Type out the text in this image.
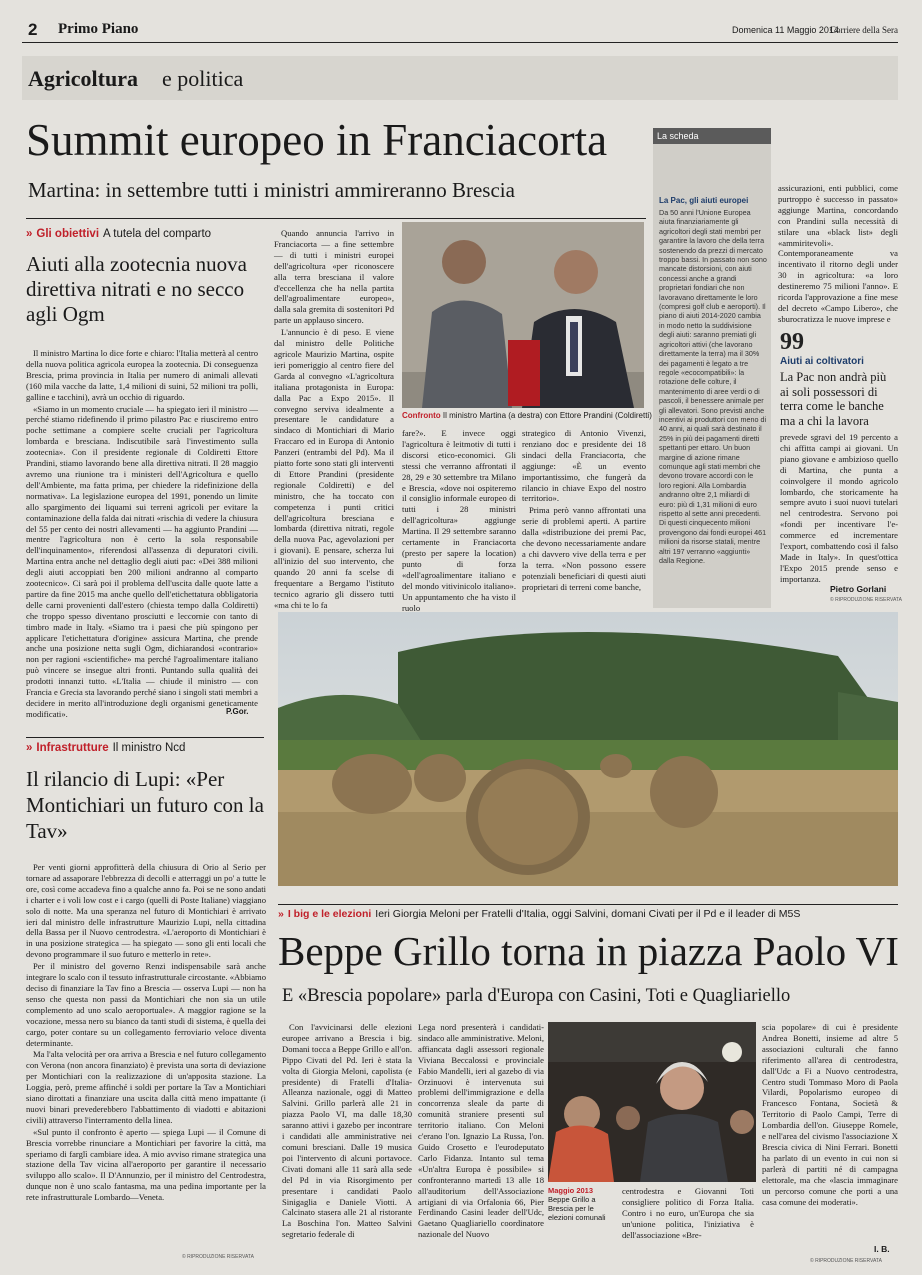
2 Primo Piano	Domenica 11 Maggio 2014
Corriere della Sera
Agricoltura e politica
Summit europeo in Franciacorta
Martina: in settembre tutti i ministri ammireranno Brescia
» Gli obiettivi A tutela del comparto
Aiuti alla zootecnia nuova direttiva nitrati e no secco agli Ogm

Il ministro Martina lo dice forte e chiaro: l'Italia metterà al centro della nuova politica agricola europea la zootecnia. Di conseguenza Brescia, prima provincia in Italia per numero di animali allevati (160 mila vacche da latte, 1,4 milioni di suini, 52 milioni tra polli, galline e tacchini), avrà un occhio di riguardo.

«Siamo in un momento cruciale — ha spiegato ieri il ministro — perché stiamo ridefinendo il primo pilastro Pac e riusciremo entro poche settimane a compiere scelte cruciali per l'agricoltura lombarda e bresciana. Indiscutibile sarà l'investimento sulla zootecnia». Con il presidente regionale di Coldiretti Ettore Prandini, stiamo lavorando bene alla direttiva nitrati. Il 28 maggio avremo una riunione tra i ministeri dell'Agricoltura e quello dell'Ambiente, ma fatta prima, per chiedere la ridefinizione della normativa». La legislazione europea del 1991, ponendo un limite allo spargimento dei liquami sui terreni agricoli per evitare la contaminazione della falda dai nitrati «rischia di vedere la chiusura del 55 per cento dei nostri allevamenti — ha aggiunto Prandini — mentre l'agricoltura non è certo la sola responsabile dell'inquinamento», riferendosi all'assenza di depuratori civili. Martina entra anche nel dettaglio degli aiuti pac: «Dei 388 milioni degli aiuti accoppiati ben 200 milioni andranno al comparto zootecnico». Ci sarà poi il problema dell'uscita dalle quote latte a partire da fine 2015 ma anche quello dell'etichettatura obbligatoria delle carni provenienti dall'estero (chiesta tempo dalla Coldiretti) che troppo spesso diventano prosciutti e leccornie con tanto di timbro made in Italy. «Siamo tra i paesi che più spingono per applicare l'etichettatura d'origine» assicura Martina, che prende anche una posizione netta sugli Ogm, dichiarandosi «contrario» non per ragioni «scientifiche» ma perché l'agroalimentare italiano può vincere se insegue altri fronti. Puntando sulla qualità dei prodotti innanzi tutto. «L'Italia — chiude il ministro — con Francia e Grecia sta lavorando perché siano i singoli stati membri a decidere in merito all'introduzione degli organismi geneticamente modificati».	P.Gor.

Quando annuncia l'arrivo in Franciacorta — a fine settembre — di tutti i ministri europei dell'agricoltura «per riconoscere alla terra bresciana il valore d'eccellenza che ha nella partita dell'agroalimentare europeo», dalla sala gremita di sostenitori Pd parte un applauso sincero.

L'annuncio è di peso. E viene dal ministro delle Politiche agricole Maurizio Martina, ospite ieri pomeriggio al centro fiere del Garda al convegno «L'agricoltura italiana protagonista in Europa: dalla Pac a Expo 2015». Il convegno serviva idealmente a presentare le candidature a sindaco di Montichiari di Mario Fraccaro ed in Europa di Antonio Panzeri (entrambi del Pd). Ma il piatto forte sono stati gli interventi di Ettore Prandini (presidente regionale Coldiretti) e del ministro, che ha toccato con competenza i punti critici dell'agricoltura bresciana e lombarda (direttiva nitrati, regole della nuova Pac, agevolazioni per i giovani). E pensare, scherza lui all'inizio del suo intervento, che quando 20 anni fa scelse di frequentare a Bergamo l'istituto tecnico agrario gli dissero tutti «ma chi te lo fa

Confronto Il ministro Martina (a destra) con Ettore Prandini (Coldiretti)

fare?». E invece oggi l'agricoltura è leitmotiv di tutti i discorsi etico-economici. Gli stessi che verranno affrontati il 28, 29 e 30 settembre tra Milano e Brescia, «dove noi ospiteremo il consiglio informale europeo di tutti i 28 ministri dell'agricoltura» aggiunge Martina. Il 29 settembre saranno certamente in Franciacorta (presto per sapere la location) punto di forza «dell'agroalimentare italiano e del mondo vitivinicolo italiano». Un appuntamento che ha visto il ruolo

strategico di Antonio Vivenzi, renziano doc e presidente dei 18 sindaci della Franciacorta, che aggiunge: «È un evento importantissimo, che fungerà da rilancio in chiave Expo del nostro territorio».

Prima però vanno affrontati una serie di problemi aperti. A partire dalla «distribuzione dei premi Pac, che devono necessariamente andare a chi davvero vive della terra e per la terra. «Non possono essere potenziali beneficiari di questi aiuti proprietari di terreni come banche,

La scheda
La Pac, gli aiuti europei
Da 50 anni l'Unione Europea aiuta finanziariamente gli agricoltori degli stati membri per garantire la lavoro che della terra sostenendo da prezzi di mercato troppo bassi. In passato non sono mancate distorsioni, con aiuti concessi anche a grandi proprietari fondiari che non lavoravano direttamente le loro (compresi golf club e aeroporti). Il piano di aiuti 2014-2020 cambia in modo netto la suddivisione degli aiuti: saranno premiati gli agricoltori attivi (che lavorano direttamente la terra) ma il 30% dei pagamenti è legato a tre regole «ecocompatibili»: la rotazione delle colture, il mantenimento di aree verdi o di pascoli, il benessere animale per gli allevatori. Sono previsti anche incentivi ai produttori con meno di 40 anni, ai quali sarà destinato il 25% in più dei pagamenti diretti spettanti per ettaro. Un buon margine di azione rimane comunque agli stati membri che devono trovare accordi con le loro regioni. Alla Lombardia andranno oltre 2,1 miliardi di euro: più di 1,31 milioni di euro rispetto al sette anni precedenti. Di questi cinquecento milioni provengono dai fondi europei 461 milioni da risorse statali, mentre altri 197 verranno «aggiunti» dalla Regione.

assicurazioni, enti pubblici, come purtroppo è successo in passato» aggiunge Martina, concordando con Prandini sulla necessità di stilare una «black list» degli «ammiritevoli». Contemporaneamente va incentivato il ritorno degli under 30 in agricoltura: «a loro destineremo 75 milioni l'anno». E ricorda l'approvazione a fine mese del decreto «Campo Libero», che sburocratizza le nuove imprese e

99
Aiuti ai coltivatori
La Pac non andrà più ai soli possessori di terra come le banche ma a chi la lavora

prevede sgravi del 19 percento a chi affitta campi ai giovani. Un piano giovane e ambizioso quello di Martina, che punta a coinvolgere il mondo agricolo lombardo, che storicamente ha sempre avuto i suoi nuovi tutelari nel centrodestra. Servono poi «fondi per incentivare l'e-commerce ed incrementare l'export, combattendo così il falso Made in Italy». In quest'ottica l'Expo 2015 prende senso e importanza.

Pietro Gorlani
© RIPRODUZIONE RISERVATA
» Infrastrutture Il ministro Ncd
Il rilancio di Lupi: «Per Montichiari un futuro con la Tav»

Per venti giorni approfitterà della chiusura di Orio al Serio per tornare ad assaporare l'ebbrezza di decolli e atterraggi un po' a tutte le ore, così come accadeva fino a qualche anno fa. Poi se ne sono andati i charter e i voli low cost e i cargo (quelli di Poste Italiane) viaggiano solo di notte. Ma una speranza nel futuro di Montichiari è arrivato ieri dal ministro delle infrastrutture Maurizio Lupi, nella cittadina della Bassa per il Nuovo centrodestra. «L'aeroporto di Montichiari è in una posizione strategica — ha spiegato — sono gli enti locali che devono programmare il suo futuro e metterlo in rete».

Per il ministro del governo Renzi indispensabile sarà anche integrare lo scalo con il tessuto infrastrutturale circostante. «Abbiamo deciso di finanziare la Tav fino a Brescia — osserva Lupi — non ha senso che questa non passi da Montichiari che non sia un utile complemento ad uno scalo aeroportuale». A maggior ragione se la vocazione, messa nero su bianco da tanti studi di sistema, è quella dei cargo, poter contare su un collegamento ferroviario veloce diventa determinante.

Ma l'alta velocità per ora arriva a Brescia e nel futuro collegamento con Verona (non ancora finanziato) è prevista una sorta di deviazione per Montichiari con la realizzazione di un'apposita stazione. La Loggia, però, preme affinché i soldi per portare la Tav a Montichiari siano dirottati a finanziare una uscita dalla città meno impattante (i nuovi binari prevederebbero l'abbattimento di viadotti e abitazioni civili) attraverso l'interramento della linea.

«Sul punto il confronto è aperto — spiega Lupi — il Comune di Brescia vorrebbe rinunciare a Montichiari per favorire la città, ma speriamo di farglì cambiare idea. A mio avviso rimane strategica una stazione della Tav vicina all'aeroporto per garantire il necessario sviluppo allo scalo». Il D'Annunzio, per il ministro del Centrodestra, dunque non è uno scalo fantasma, ma una pedina importante per la rete infrastrutturale Lombardo—Veneta.

© RIPRODUZIONE RISERVATA
» I big e le elezioni Ieri Giorgia Meloni per Fratelli d'Italia, oggi Salvini, domani Civati per il Pd e il leader di M5S
Beppe Grillo torna in piazza Paolo VI
E «Brescia popolare» parla d'Europa con Casini, Toti e Quagliariello

Con l'avvicinarsi delle elezioni europee arrivano a Brescia i big. Domani tocca a Beppe Grillo e all'on. Pippo Civati del Pd. Ieri è stata la volta di Giorgia Meloni, capolista (e presidente) di Fratelli d'Italia-Alleanza nazionale, oggi di Matteo Salvini. Grillo parlerà alle 21 in piazza Paolo VI, ma dalle 18,30 saranno attivi i gazebo per incontrare i candidati alle amministrative nei comuni bresciani. Dalle 19 musica poi l'intervento di alcuni portavoce. Civati domani alle 11 sarà alla sede del Pd in via Risorgimento per presentare i candidati Paolo Sinigaglia e Daniele Viotti. A Calcinato stasera alle 21 al ristorante La Boschina l'on. Matteo Salvini segretario federale di

Lega nord presenterà i candidati-sindaco alle amministrative. Meloni, affiancata dagli assessori regionale Viviana Beccalossi e provinciale Fabio Mandelli, ieri al gazebo di via Orzinuovi è intervenuta sui problemi dell'immigrazione e della concorrenza sleale da parte di comunità straniere presenti sul territorio italiano. Con Meloni c'erano l'on. Ignazio La Russa, l'on. Guido Crosetto e l'eurodeputato Carlo Fidanza. Intanto sul tema «Un'altra Europa è possibile» si confronteranno martedì 13 alle 18 all'auditorium dell'Associazione artigiani di via Orfalonia 66, Pier Ferdinando Casini leader dell'Udc, Gaetano Quagliariello coordinatore nazionale del Nuovo

Maggio 2013
Beppe Grillo a Brescia per le elezioni comunali

centrodestra e Giovanni Toti consigliere politico di Forza Italia. Contro i no euro, un'Europa che sia un'unione politica, l'iniziativa è dell'associazione «Bre-

scia popolare» di cui è presidente Andrea Bonetti, insieme ad altre 5 associazioni culturali che fanno riferimento all'area di centrodestra, dall'Udc a Fi a Nuovo centrodestra, Centro studi Tommaso Moro di Paola Vilardi, Popolarismo europeo di Francesco Fontana, Società & Territorio di Paolo Campi, Terre di Lombardia dell'on. Giuseppe Romele, e nell'area del civismo l'associazione X Brescia civica di Nini Ferrari. Bonetti ha parlato di un evento in cui non si parlerà di partiti né di campagna elettorale, ma che «lascia immaginare un percorso comune che porti a una casa comune dei moderati».

I. B.
© RIPRODUZIONE RISERVATA
